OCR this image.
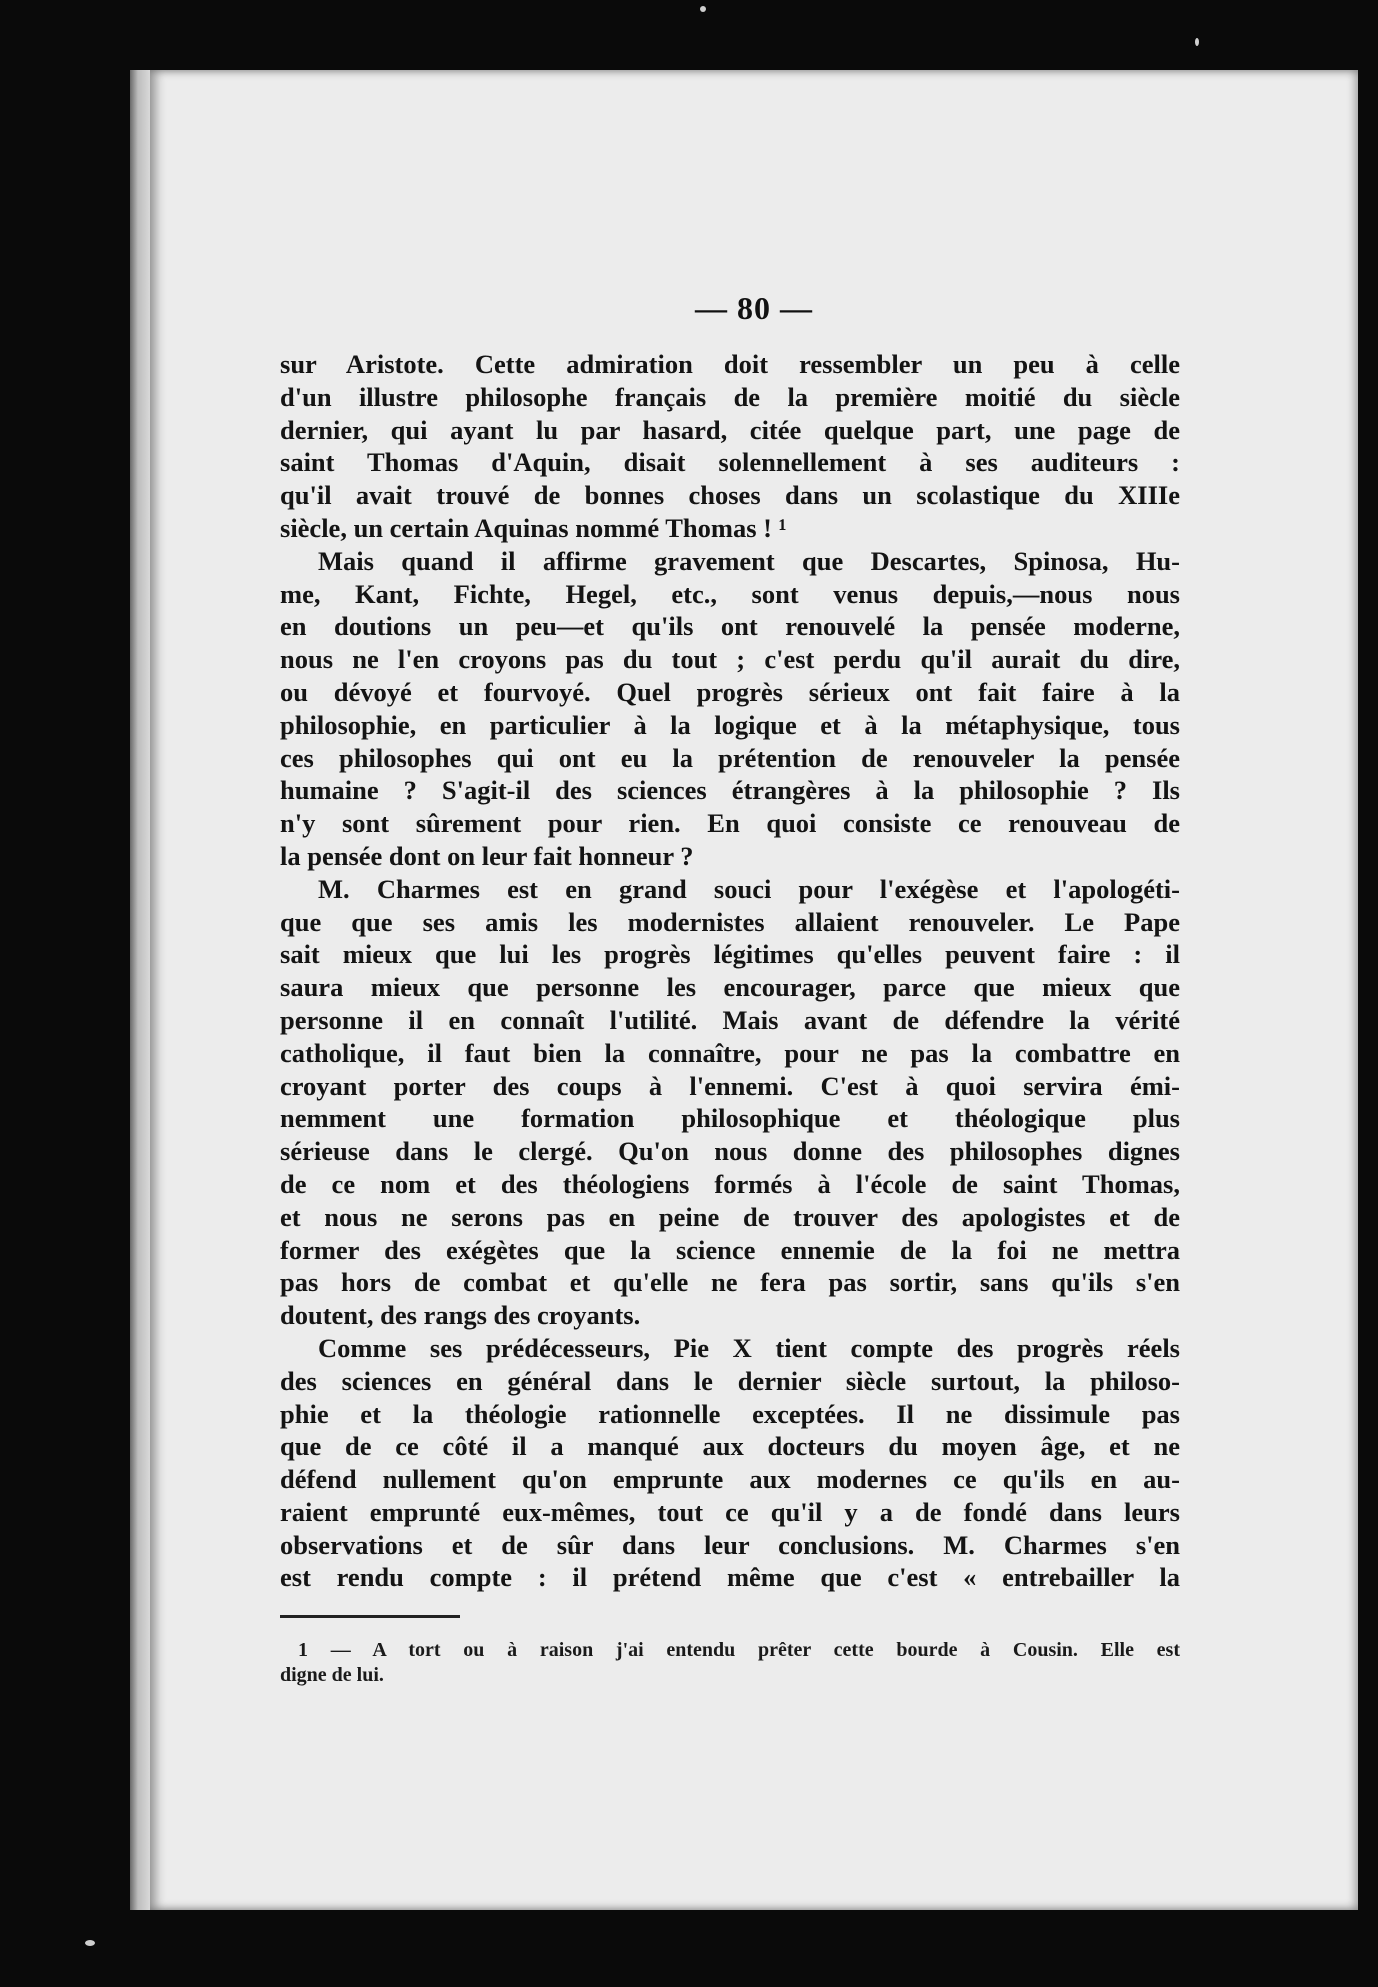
— 80 —
sur Aristote. Cette admiration doit ressembler un peu à celle
d'un illustre philosophe français de la première moitié du siècle
dernier, qui ayant lu par hasard, citée quelque part, une page de
saint Thomas d'Aquin, disait solennellement à ses auditeurs :
qu'il avait trouvé de bonnes choses dans un scolastique du XIIIe
siècle, un certain Aquinas nommé Thomas ! ¹
Mais quand il affirme gravement que Descartes, Spinosa, Hu-
me, Kant, Fichte, Hegel, etc., sont venus depuis,—nous nous
en doutions un peu—et qu'ils ont renouvelé la pensée moderne,
nous ne l'en croyons pas du tout ; c'est perdu qu'il aurait du dire,
ou dévoyé et fourvoyé. Quel progrès sérieux ont fait faire à la
philosophie, en particulier à la logique et à la métaphysique, tous
ces philosophes qui ont eu la prétention de renouveler la pensée
humaine ? S'agit-il des sciences étrangères à la philosophie ? Ils
n'y sont sûrement pour rien. En quoi consiste ce renouveau de
la pensée dont on leur fait honneur ?
M. Charmes est en grand souci pour l'exégèse et l'apologéti-
que que ses amis les modernistes allaient renouveler. Le Pape
sait mieux que lui les progrès légitimes qu'elles peuvent faire : il
saura mieux que personne les encourager, parce que mieux que
personne il en connaît l'utilité. Mais avant de défendre la vérité
catholique, il faut bien la connaître, pour ne pas la combattre en
croyant porter des coups à l'ennemi. C'est à quoi servira émi-
nemment une formation philosophique et théologique plus
sérieuse dans le clergé. Qu'on nous donne des philosophes dignes
de ce nom et des théologiens formés à l'école de saint Thomas,
et nous ne serons pas en peine de trouver des apologistes et de
former des exégètes que la science ennemie de la foi ne mettra
pas hors de combat et qu'elle ne fera pas sortir, sans qu'ils s'en
doutent, des rangs des croyants.
Comme ses prédécesseurs, Pie X tient compte des progrès réels
des sciences en général dans le dernier siècle surtout, la philoso-
phie et la théologie rationnelle exceptées. Il ne dissimule pas
que de ce côté il a manqué aux docteurs du moyen âge, et ne
défend nullement qu'on emprunte aux modernes ce qu'ils en au-
raient emprunté eux-mêmes, tout ce qu'il y a de fondé dans leurs
observations et de sûr dans leur conclusions. M. Charmes s'en
est rendu compte : il prétend même que c'est « entrebailler la
1 — A tort ou à raison j'ai entendu prêter cette bourde à Cousin. Elle est
digne de lui.
